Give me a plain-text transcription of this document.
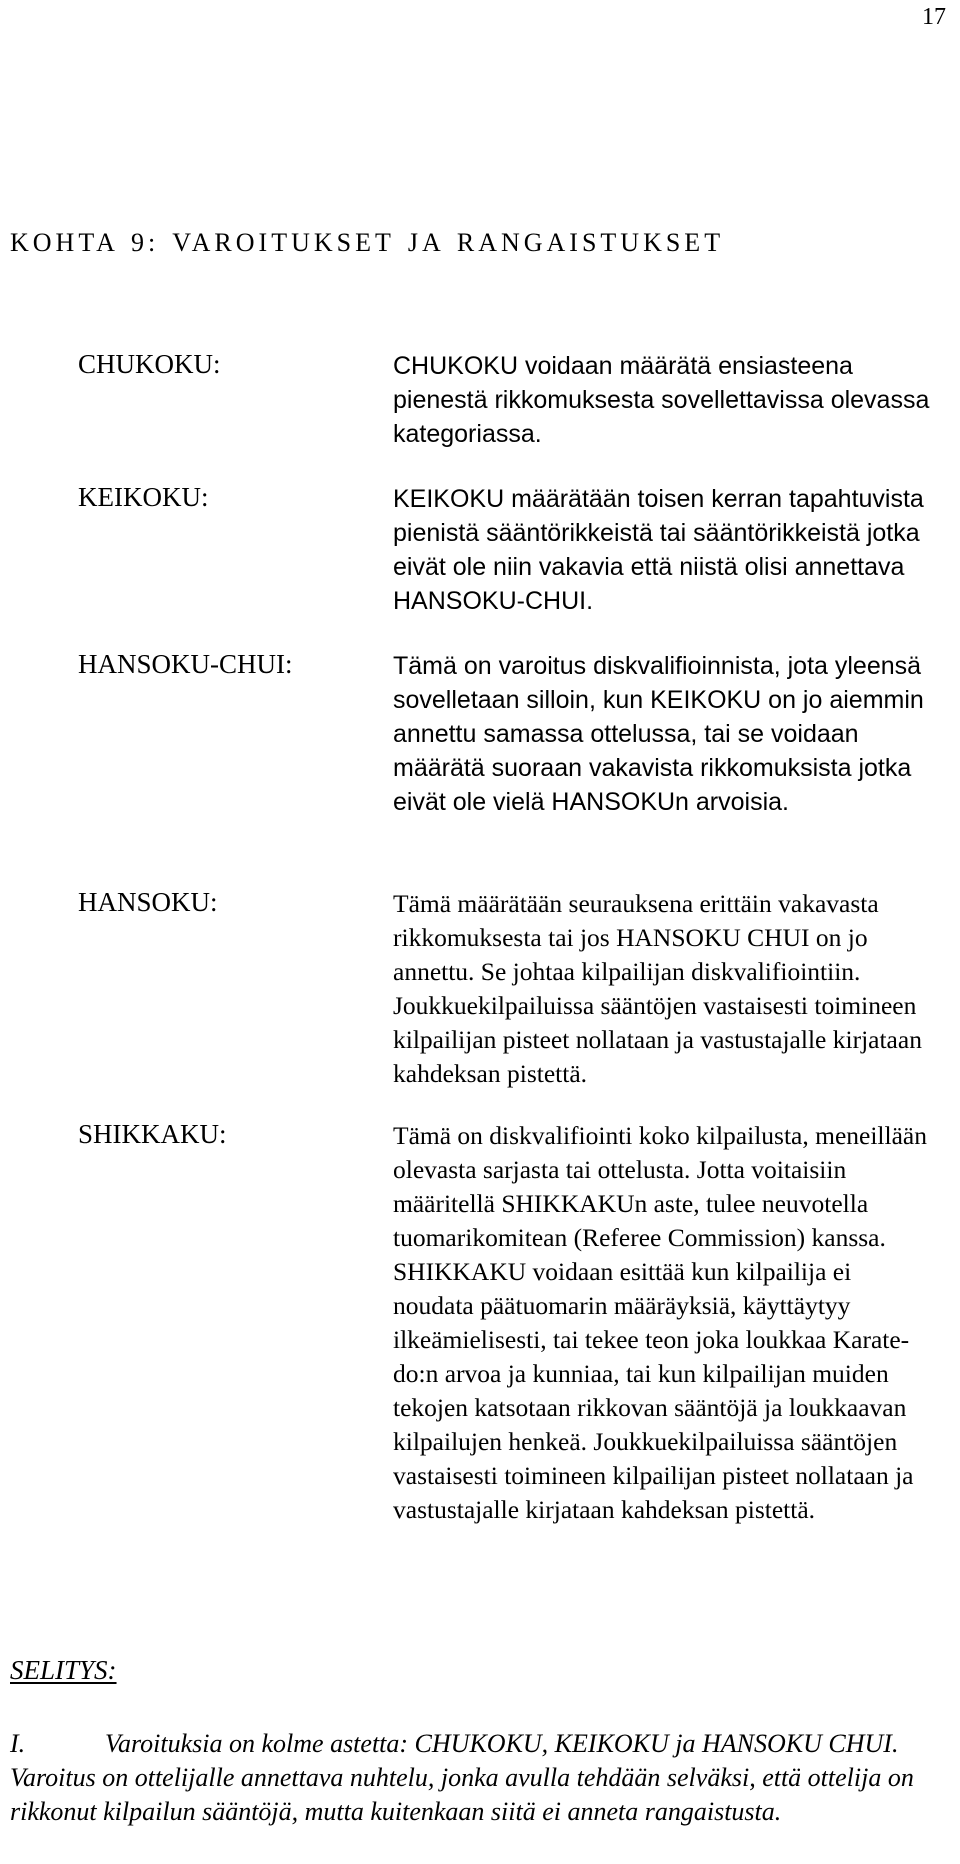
17
KOHTA 9: VAROITUKSET JA RANGAISTUKSET

CHUKOKU:	CHUKOKU voidaan määrätä ensiasteena pienestä rikkomuksesta sovellettavissa olevassa kategoriassa.

KEIKOKU:	KEIKOKU määrätään toisen kerran tapahtuvista pienistä sääntörikkeistä tai sääntörikkeistä jotka eivät ole niin vakavia että niistä olisi annettava HANSOKU-CHUI.

HANSOKU-CHUI:	Tämä on varoitus diskvalifioinnista, jota yleensä sovelletaan silloin, kun KEIKOKU on jo aiemmin annettu samassa ottelussa, tai se voidaan määrätä suoraan vakavista rikkomuksista jotka eivät ole vielä HANSOKUn arvoisia.

HANSOKU:	Tämä määrätään seurauksena erittäin vakavasta rikkomuksesta tai jos HANSOKU CHUI on jo annettu. Se johtaa kilpailijan diskvalifiointiin. Joukkuekilpailuissa sääntöjen vastaisesti toimineen kilpailijan pisteet nollataan ja vastustajalle kirjataan kahdeksan pistettä.

SHIKKAKU:	Tämä on diskvalifiointi koko kilpailusta, meneillään olevasta sarjasta tai ottelusta. Jotta voitaisiin määritellä SHIKKAKUn aste, tulee neuvotella tuomarikomitean (Referee Commission) kanssa. SHIKKAKU voidaan esittää kun kilpailija ei noudata päätuomarin määräyksiä, käyttäytyy ilkeämielisesti, tai tekee teon joka loukkaa Karate-do:n arvoa ja kunniaa, tai kun kilpailijan muiden tekojen katsotaan rikkovan sääntöjä ja loukkaavan kilpailujen henkeä. Joukkuekilpailuissa sääntöjen vastaisesti toimineen kilpailijan pisteet nollataan ja vastustajalle kirjataan kahdeksan pistettä.

SELITYS:

I.	Varoituksia on kolme astetta: CHUKOKU, KEIKOKU ja HANSOKU CHUI. Varoitus on ottelijalle annettava nuhtelu, jonka avulla tehdään selväksi, että ottelija on rikkonut kilpailun sääntöjä, mutta kuitenkaan siitä ei anneta rangaistusta.
